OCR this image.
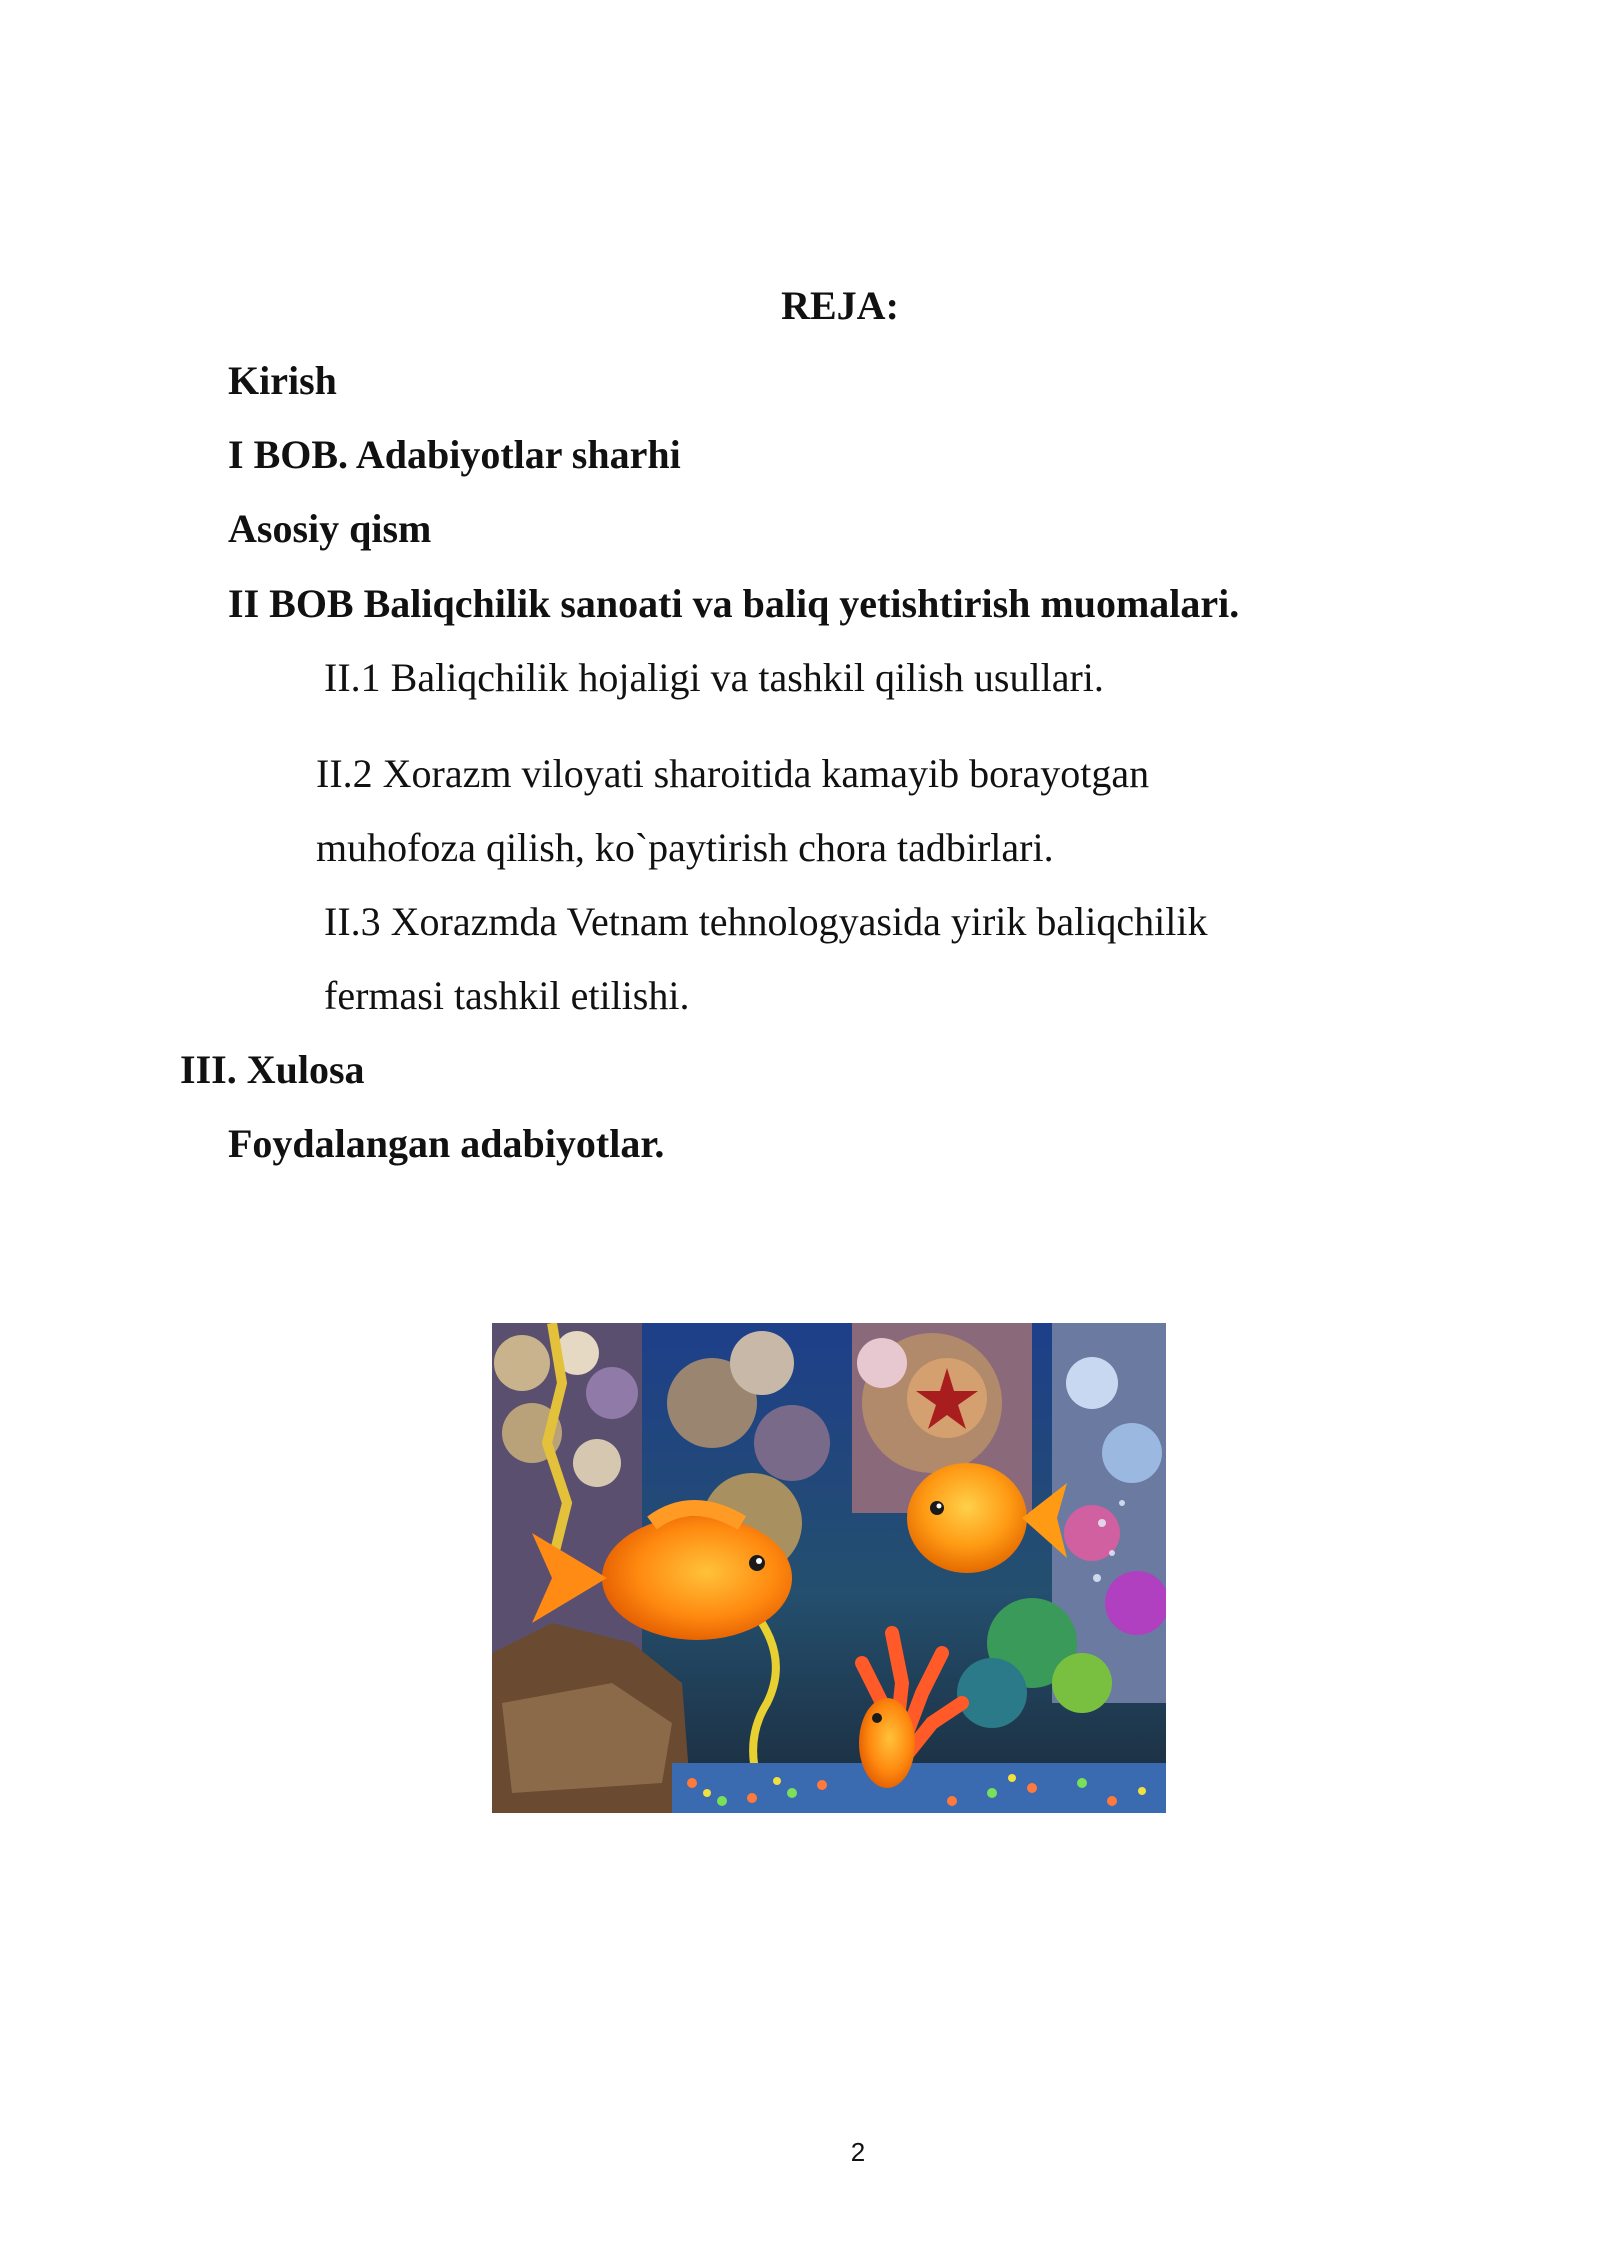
REJA:
Kirish
I BOB. Adabiyotlar sharhi
Asosiy qism
II BOB Baliqchilik sanoati va baliq yetishtirish muomalari.
II.1 Baliqchilik hojaligi va tashkil qilish usullari.
II.2 Xorazm viloyati sharoitida kamayib borayotgan
muhofoza qilish, ko`paytirish chora tadbirlari.
II.3 Xorazmda Vetnam tehnologyasida yirik baliqchilik
fermasi tashkil etilishi.
III. Xulosa
Foydalangan adabiyotlar.
2
